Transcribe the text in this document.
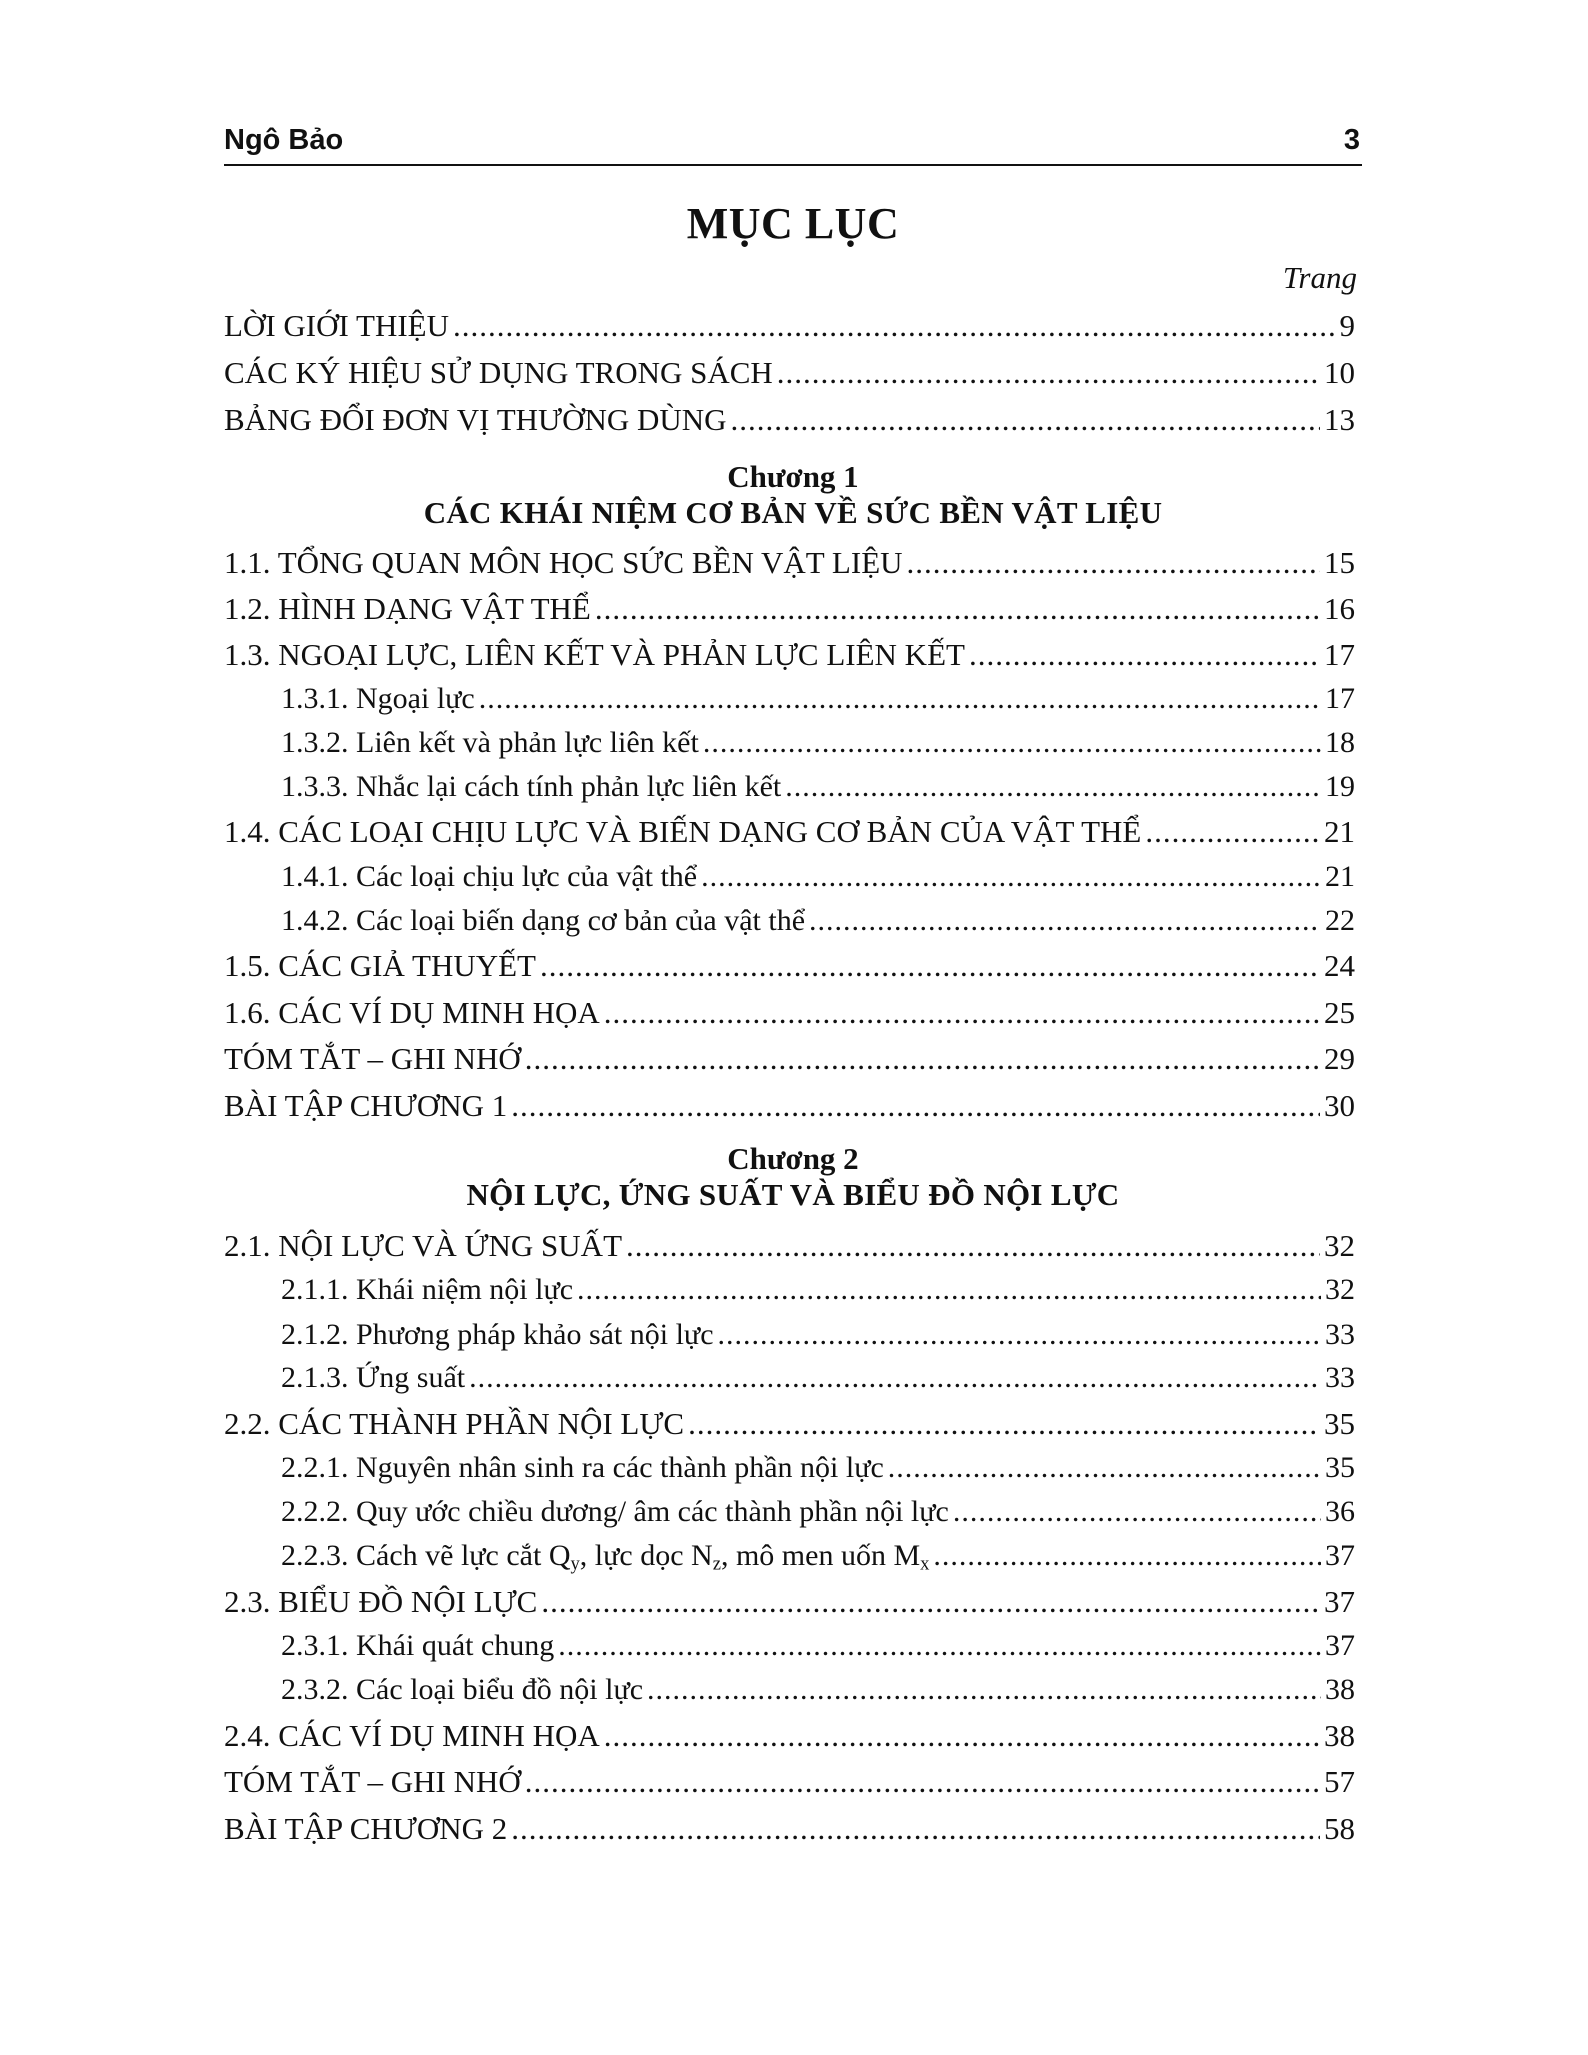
Ngô Bảo	3
MỤC LỤC
Trang
LỜI GIỚI THIỆU .....	9
CÁC KÝ HIỆU SỬ DỤNG TRONG SÁCH .....	10
BẢNG ĐỔI ĐƠN VỊ THƯỜNG DÙNG .....	13
Chương 1
CÁC KHÁI NIỆM CƠ BẢN VỀ SỨC BỀN VẬT LIỆU
1.1. TỔNG QUAN MÔN HỌC SỨC BỀN VẬT LIỆU .....	15
1.2. HÌNH DẠNG VẬT THỂ .....	16
1.3. NGOẠI LỰC, LIÊN KẾT VÀ PHẢN LỰC LIÊN KẾT .....	17
1.3.1. Ngoại lực .....	17
1.3.2. Liên kết và phản lực liên kết .....	18
1.3.3. Nhắc lại cách tính phản lực liên kết .....	19
1.4. CÁC LOẠI CHỊU LỰC VÀ BIẾN DẠNG CƠ BẢN CỦA VẬT THỂ .....	21
1.4.1. Các loại chịu lực của vật thể .....	21
1.4.2. Các loại biến dạng cơ bản của vật thể .....	22
1.5. CÁC GIẢ THUYẾT .....	24
1.6. CÁC VÍ DỤ MINH HỌA .....	25
TÓM TẮT – GHI NHỚ .....	29
BÀI TẬP CHƯƠNG 1 .....	30
Chương 2
NỘI LỰC, ỨNG SUẤT VÀ BIỂU ĐỒ NỘI LỰC
2.1. NỘI LỰC VÀ ỨNG SUẤT .....	32
2.1.1. Khái niệm nội lực .....	32
2.1.2. Phương pháp khảo sát nội lực .....	33
2.1.3. Ứng suất .....	33
2.2. CÁC THÀNH PHẦN NỘI LỰC .....	35
2.2.1. Nguyên nhân sinh ra các thành phần nội lực .....	35
2.2.2. Quy ước chiều dương/ âm các thành phần nội lực .....	36
2.2.3. Cách vẽ lực cắt $Q_y$, lực dọc $N_z$, mô men uốn $M_x$ .....	37
2.3. BIỂU ĐỒ NỘI LỰC .....	37
2.3.1. Khái quát chung .....	37
2.3.2. Các loại biểu đồ nội lực .....	38
2.4. CÁC VÍ DỤ MINH HỌA .....	38
TÓM TẮT – GHI NHỚ .....	57
BÀI TẬP CHƯƠNG 2 .....	58
